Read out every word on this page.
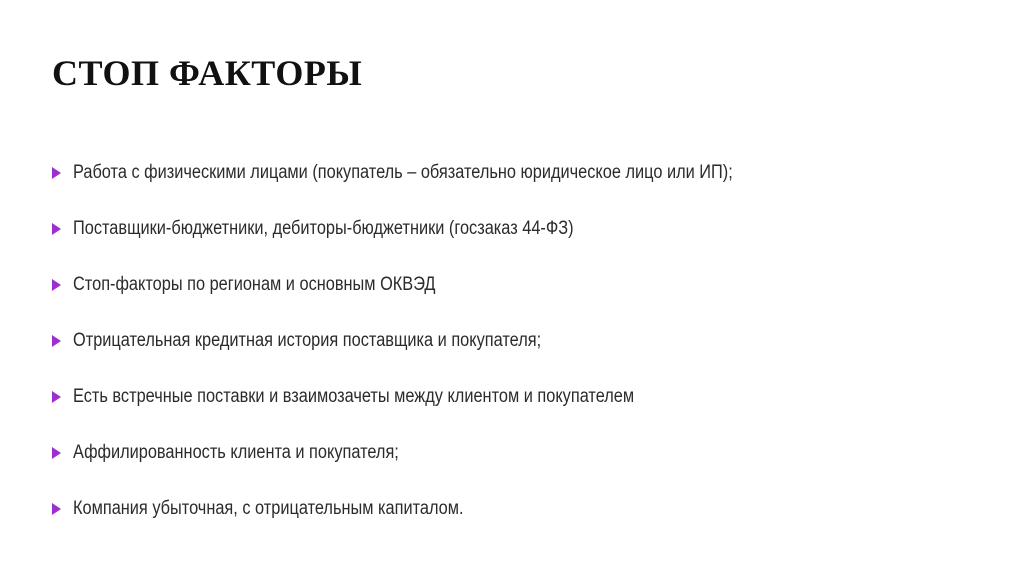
СТОП ФАКТОРЫ
Работа с физическими лицами (покупатель – обязательно юридическое лицо или ИП);
Поставщики-бюджетники, дебиторы-бюджетники (госзаказ 44-ФЗ)
Стоп-факторы по регионам и основным ОКВЭД
Отрицательная кредитная история поставщика и покупателя;
Есть встречные поставки и взаимозачеты между клиентом и покупателем
Аффилированность клиента и покупателя;
Компания убыточная, с отрицательным капиталом.
